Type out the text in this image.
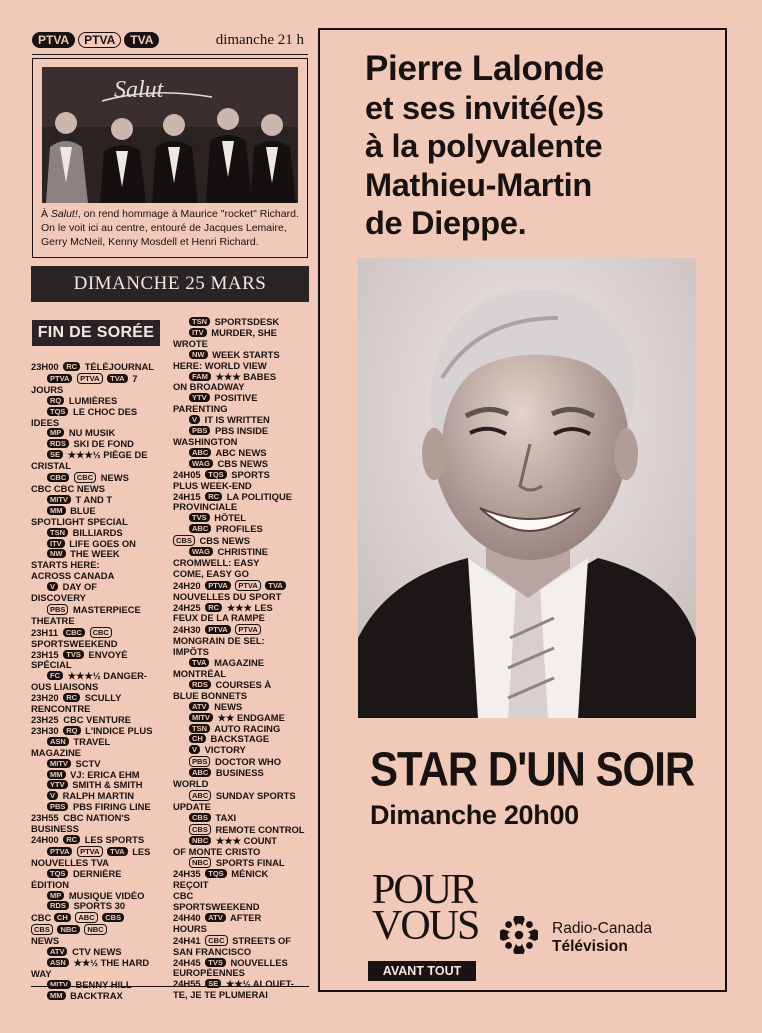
PTVA PTVA TVA	dimanche 21 h
Salut
À Salut!, on rend hommage à Maurice "rocket" Richard. On le voit ici au centre, entouré de Jacques Lemaire, Gerry McNeil, Kenny Mosdell et Henri Richard.
DIMANCHE 25 MARS
FIN DE SORÉE
23H00 RC TÉLÉJOURNAL
PTVA PTVA TVA 7
JOURS
RQ LUMIÈRES
TQS LE CHOC DES
IDEES
MP NU MUSIK
RDS SKI DE FOND
SE ★★★½ PIÈGE DE
CRISTAL
CBC CBC NEWS
CBC CBC NEWS
MITV T AND T
MM BLUE
SPOTLIGHT SPECIAL
TSN BILLIARDS
ITV LIFE GOES ON
NW THE WEEK
STARTS HERE:
ACROSS CANADA
V DAY OF
DISCOVERY
PBS MASTERPIECE
THEATRE
23H11 CBC CBC
SPORTSWEEKEND
23H15 TVS ENVOYÉ
SPÉCIAL
FC ★★★½ DANGER-
OUS LIAISONS
23H20 RC SCULLY
RENCONTRE
23H25 CBC VENTURE
23H30 RQ L'INDICE PLUS
ASN TRAVEL
MAGAZINE
MITV SCTV
MM VJ: ERICA EHM
YTV SMITH & SMITH
V RALPH MARTIN
PBS PBS FIRING LINE
23H55 CBC NATION'S
BUSINESS
24H00 RC LES SPORTS
PTVA PTVA TVA LES
NOUVELLES TVA
TQS DERNIÈRE
ÉDITION
MP MUSIQUE VIDÉO
RDS SPORTS 30
CBC CH ABC CBS
CBS NBC NBC
NEWS
ATV CTV NEWS
ASN ★★½ THE HARD
WAY
MITV BENNY HILL
MM BACKTRAX
TSN SPORTSDESK
ITV MURDER, SHE
WROTE
NW WEEK STARTS
HERE: WORLD VIEW
FAM ★★★ BABES
ON BROADWAY
YTV POSITIVE
PARENTING
V IT IS WRITTEN
PBS PBS INSIDE
WASHINGTON
ABC ABC NEWS
WAG CBS NEWS
24H05 TQS SPORTS
PLUS WEEK-END
24H15 RC LA POLITIQUE
PROVINCIALE
TVS HÔTEL
ABC PROFILES
CBS CBS NEWS
WAG CHRISTINE
CROMWELL: EASY
COME, EASY GO
24H20 PTVA PTVA TVA
NOUVELLES DU SPORT
24H25 RC ★★★ LES
FEUX DE LA RAMPE
24H30 PTVA PTVA
MONGRAIN DE SEL:
IMPÔTS
TVA MAGAZINE
MONTRÉAL
RDS COURSES À
BLUE BONNETS
ATV NEWS
MITV ★★ ENDGAME
TSN AUTO RACING
CH BACKSTAGE
V VICTORY
PBS DOCTOR WHO
ABC BUSINESS
WORLD
ABC SUNDAY SPORTS
UPDATE
CBS TAXI
CBS REMOTE CONTROL
NBC ★★★ COUNT
OF MONTE CRISTO
NBC SPORTS FINAL
24H35 TQS MÉNICK
REÇOIT
CBC
SPORTSWEEKEND
24H40 ATV AFTER
HOURS
24H41 CBC STREETS OF
SAN FRANCISCO
24H45 TVS NOUVELLES
EUROPÉENNES
24H55 SE ★★½ ALOUET-
TE, JE TE PLUMERAI
Pierre Lalonde
et ses invité(e)s
à la polyvalente
Mathieu-Martin
de Dieppe.
STAR D'UN SOIR
Dimanche 20h00
POUR
VOUS
AVANT TOUT
Radio-Canada
Télévision
